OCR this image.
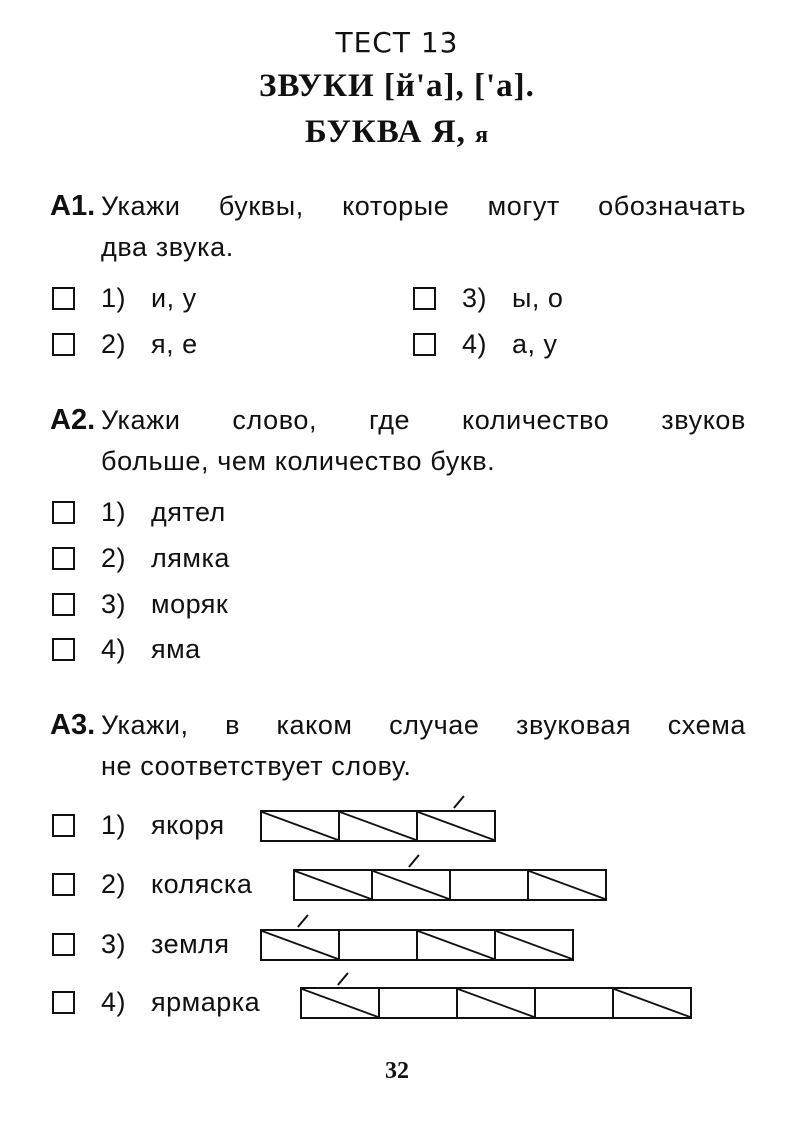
ТЕСТ 13
ЗВУКИ [й'а], ['а].
БУКВА Я, я
А1. Укажи буквы, которые могут обозначать
два звука.
1) и, у
2) я, е
3) ы, о
4) а, у
А2. Укажи слово, где количество звуков
больше, чем количество букв.
1) дятел
2) лямка
3) моряк
4) яма
А3. Укажи, в каком случае звуковая схема
не соответствует слову.
1) якоря
2) коляска
3) земля
4) ярмарка
32
